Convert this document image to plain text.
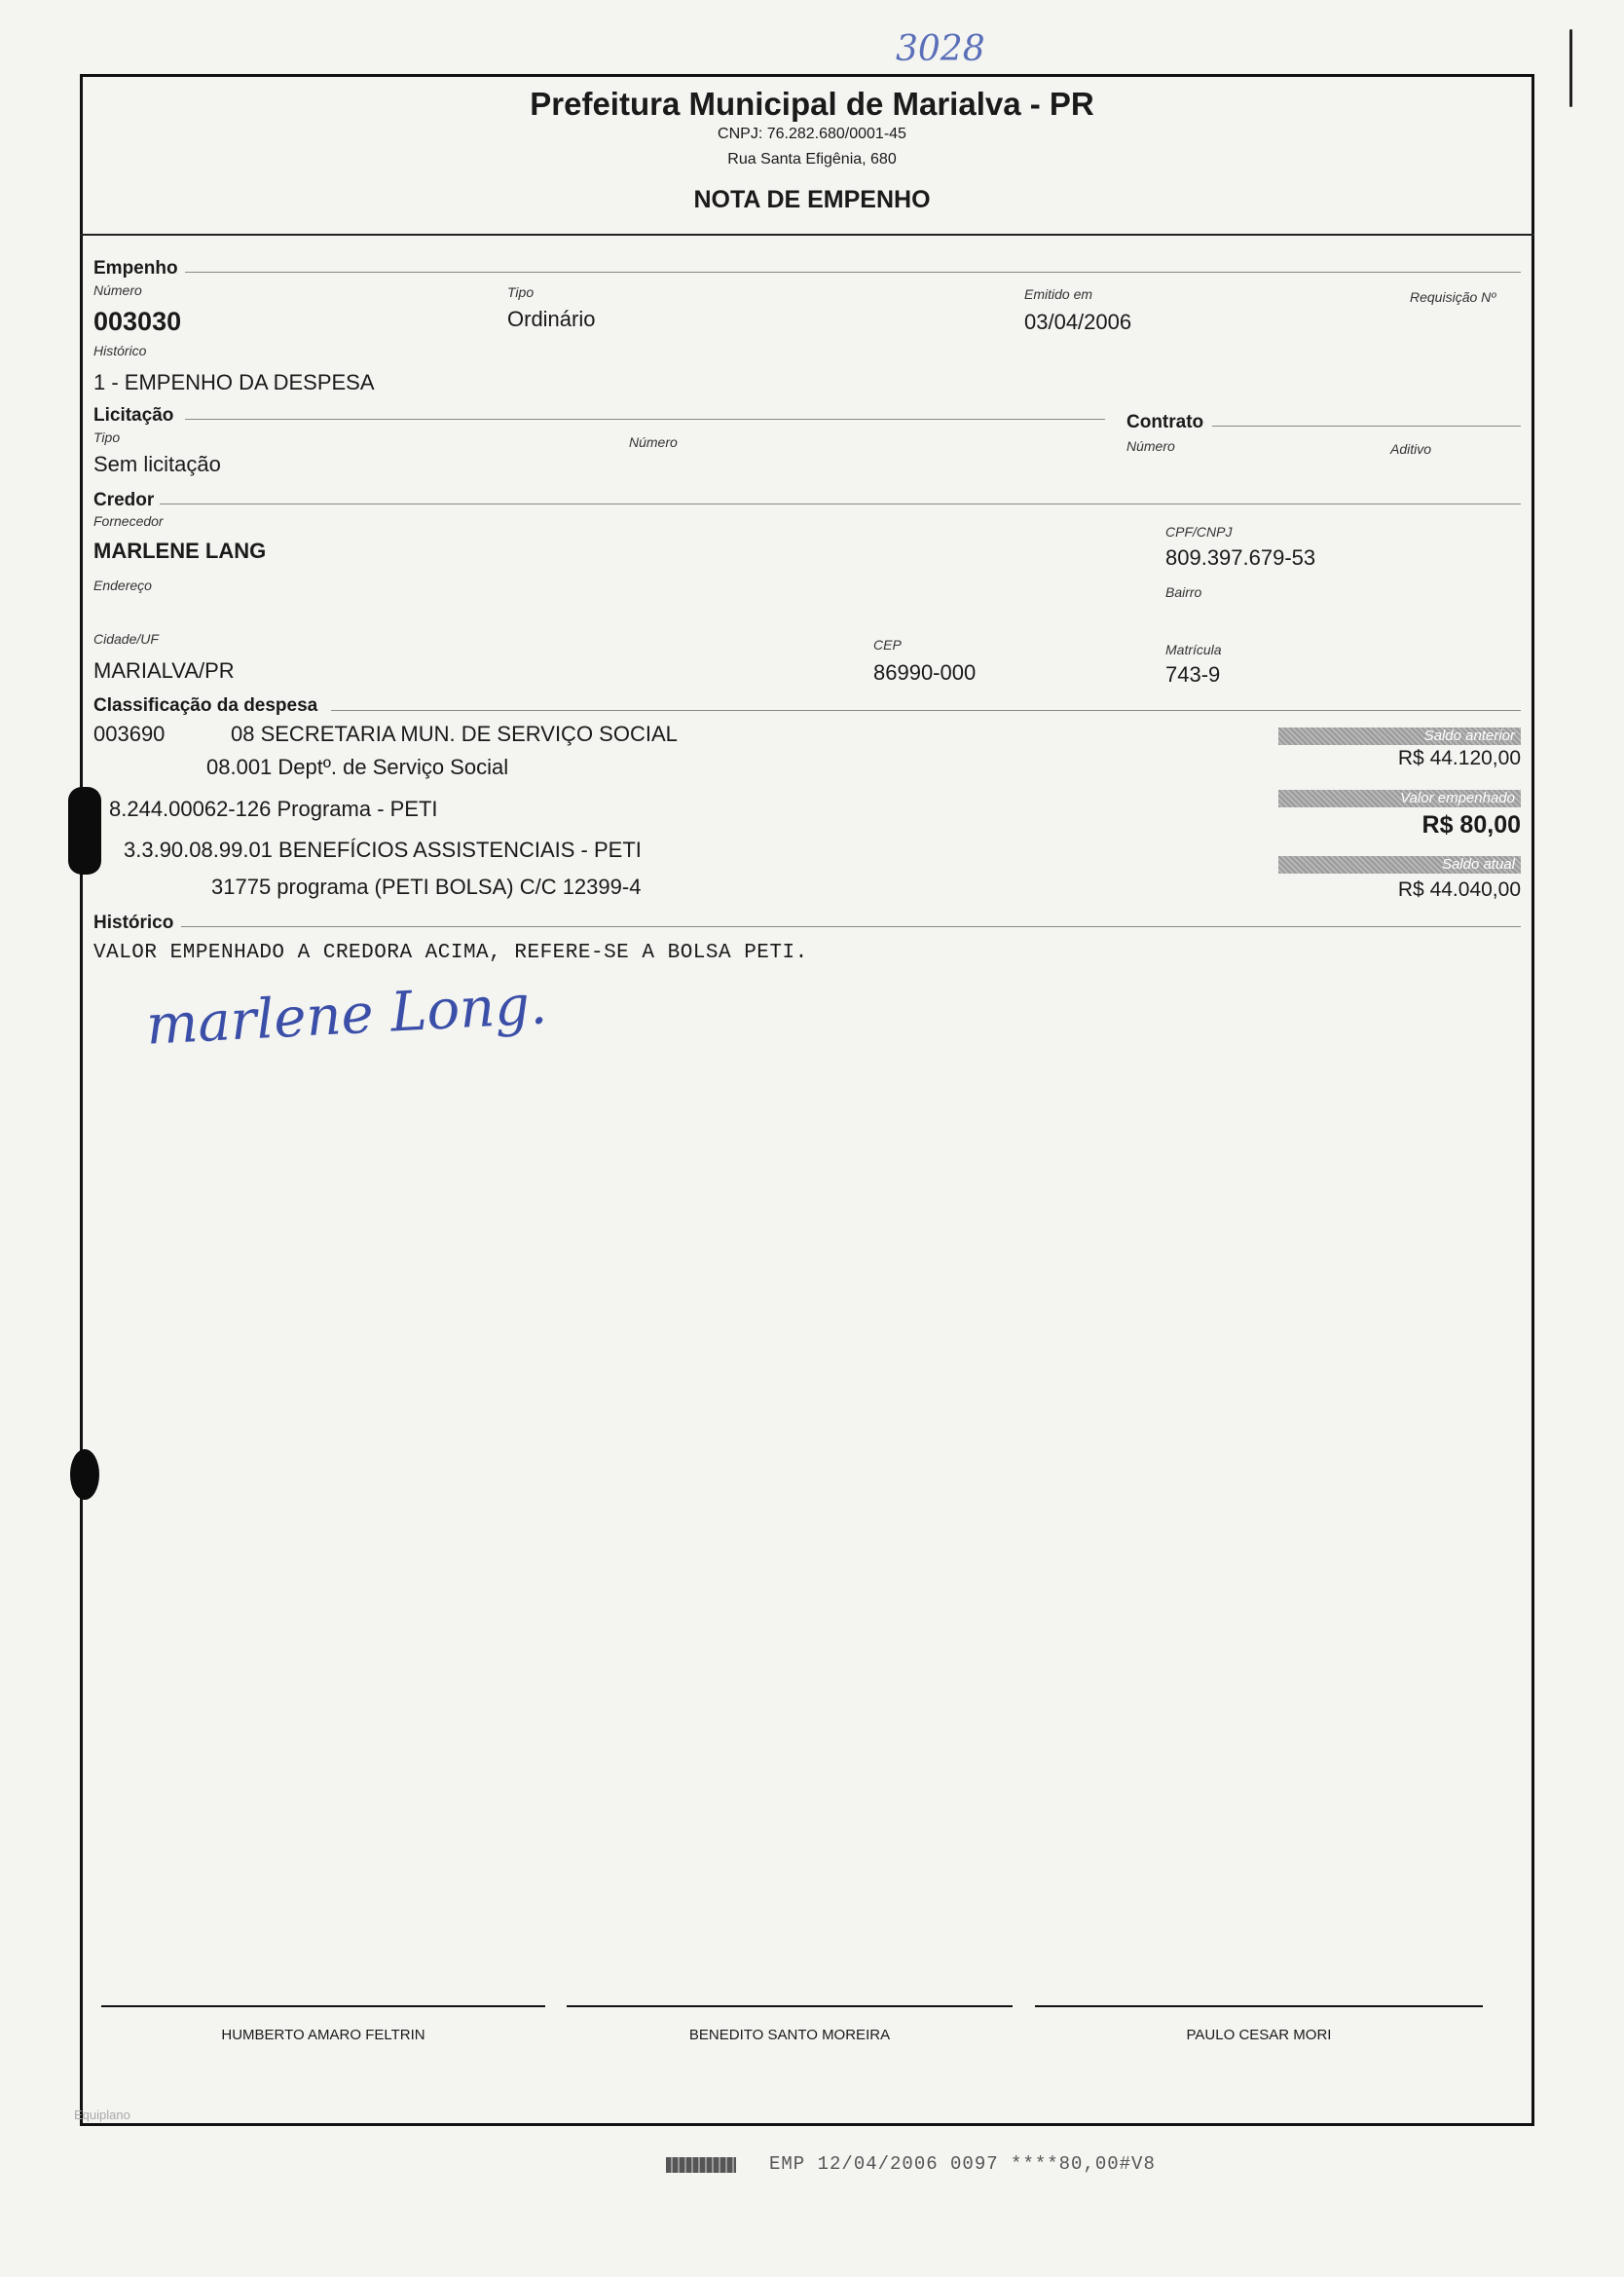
3028
Prefeitura Municipal de Marialva - PR
CNPJ: 76.282.680/0001-45
Rua Santa Efigênia, 680
NOTA DE EMPENHO
Empenho
Número
003030
Tipo
Ordinário
Emitido em
03/04/2006
Requisição Nº
Histórico
1 - EMPENHO DA DESPESA
Licitação
Tipo
Sem licitação
Número
Contrato
Número	Aditivo
Credor
Fornecedor
MARLENE LANG
CPF/CNPJ
809.397.679-53
Endereço	Bairro
Cidade/UF
MARIALVA/PR
CEP
86990-000
Matrícula
743-9
Classificação da despesa
003690	08 SECRETARIA MUN. DE SERVIÇO SOCIAL
08.001 Deptº. de Serviço Social
8.244.00062-126 Programa - PETI
3.3.90.08.99.01 BENEFÍCIOS ASSISTENCIAIS - PETI
31775 programa (PETI BOLSA) C/C 12399-4
Saldo anterior
R$ 44.120,00
Valor empenhado
R$ 80,00
Saldo atual
R$ 44.040,00
Histórico
VALOR EMPENHADO A CREDORA ACIMA, REFERE-SE A BOLSA PETI.
marlene Long.
HUMBERTO AMARO FELTRIN	BENEDITO SANTO MOREIRA	PAULO CESAR MORI
Equiplano
EMP 12/04/2006 0097 ****80,00#V8
